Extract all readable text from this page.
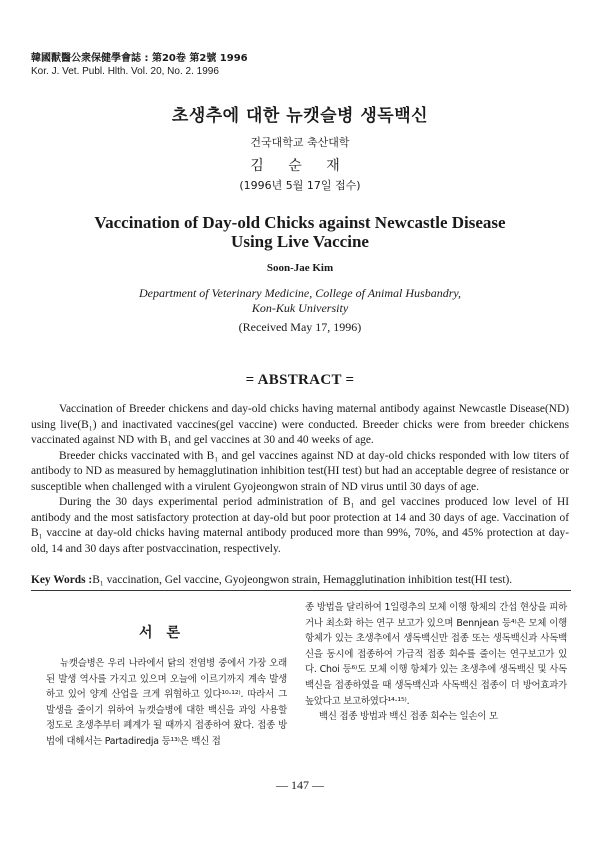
韓國獸醫公衆保健學會誌 : 第20卷 第2號 1996
Kor. J. Vet. Publ. Hlth. Vol. 20, No. 2. 1996
초생추에 대한 뉴캣슬병 생독백신
건국대학교 축산대학
김 순 재
(1996년 5월 17일 접수)
Vaccination of Day-old Chicks against Newcastle Disease
Using Live Vaccine
Soon-Jae Kim
Department of Veterinary Medicine, College of Animal Husbandry,
Kon-Kuk University
(Received May 17, 1996)
= ABSTRACT =

Vaccination of Breeder chickens and day-old chicks having maternal antibody against Newcastle Disease(ND) using live(B₁) and inactivated vaccines(gel vaccine) were conducted. Breeder chicks were from breeder chickens vaccinated against ND with B₁ and gel vaccines at 30 and 40 weeks of age.

Breeder chicks vaccinated with B₁ and gel vaccines against ND at day-old chicks responded with low titers of antibody to ND as measured by hemagglutination inhibition test(HI test) but had an acceptable degree of resistance or susceptible when challenged with a virulent Gyojeongwon strain of ND virus until 30 days of age.

During the 30 days experimental period administration of B₁ and gel vaccines produced low level of HI antibody and the most satisfactory protection at day-old but poor protection at 14 and 30 days of age. Vaccination of B₁ vaccine at day-old chicks having maternal antibody produced more than 99%, 70%, and 45% protection at day-old, 14 and 30 days after postvaccination, respectively.

Key Words :B₁ vaccination, Gel vaccine, Gyojeongwon strain, Hemagglutination inhibition test(HI test).
서론

뉴캣슬병은 우리 나라에서 닭의 전염병 중에서 가장 오래된 발생 역사를 가지고 있으며 오늘에 이르기까지 계속 발생하고 있어 양계 산업을 크게 위협하고 있다¹⁰·¹²⁾. 따라서 그 발생을 줄이기 위하여 뉴캣슬병에 대한 백신을 과잉 사용할 정도로 초생추부터 폐계가 될 때까지 접종하여 왔다. 접종 방법에 대해서는 Partadiredja 등¹³⁾은 백신 접

종 방법을 달리하여 1일령추의 모체 이행 항체의 간섭 현상을 피하거나 최소화 하는 연구 보고가 있으며 Bennjean 등⁴⁾은 모체 이행 항체가 있는 초생추에서 생독백신만 접종 또는 생독백신과 사독백신을 동시에 접종하여 가급적 접종 회수를 줄이는 연구보고가 있다. Choi 등⁶⁾도 모체 이행 항체가 있는 초생추에 생독백신 및 사독백신을 접종하였을 때 생독백신과 사독백신 접종이 더 방어효과가 높았다고 보고하였다¹⁴·¹⁵⁾.

백신 접종 방법과 백신 접종 회수는 일손이 모

— 147 —
